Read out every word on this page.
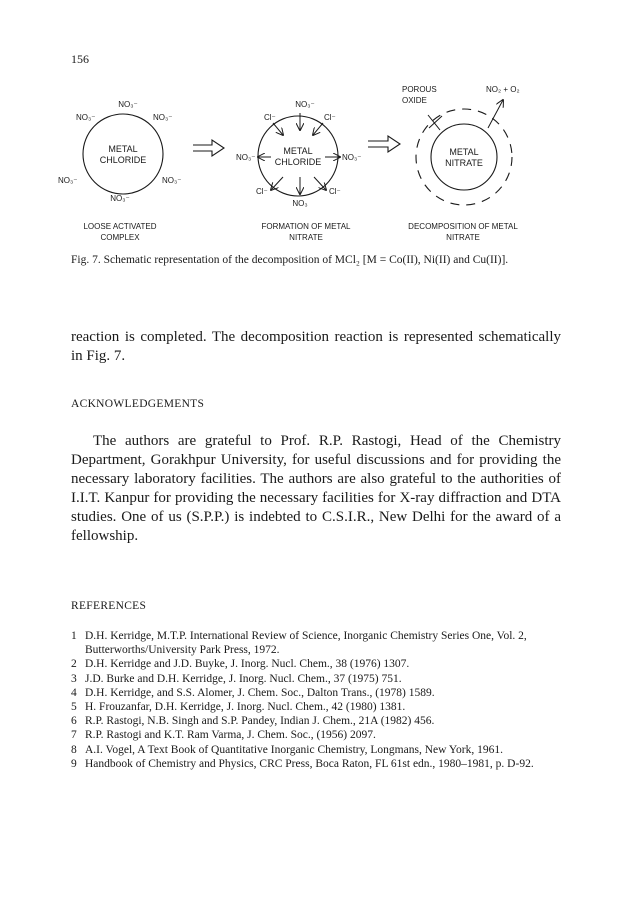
156
METAL
CHLORIDE
NO₃⁻
NO₃⁻	NO₃⁻
NO₃⁻	NO₃⁻
NO₃⁻
LOOSE ACTIVATED
COMPLEX
METAL
CHLORIDE
NO₃⁻
Cl⁻	Cl⁻
NO₃⁻	NO₃⁻
Cl⁻	Cl⁻
NO₃
FORMATION OF METAL
NITRATE
METAL
NITRATE
POROUS
OXIDE
NO₂ + O₂
DECOMPOSITION OF METAL
NITRATE
Fig. 7. Schematic representation of the decomposition of MCl₂ [M = Co(II), Ni(II) and Cu(II)].
reaction is completed. The decomposition reaction is represented schematically in Fig. 7.
ACKNOWLEDGEMENTS
The authors are grateful to Prof. R.P. Rastogi, Head of the Chemistry Department, Gorakhpur University, for useful discussions and for providing the necessary laboratory facilities. The authors are also grateful to the authorities of I.I.T. Kanpur for providing the necessary facilities for X-ray diffraction and DTA studies. One of us (S.P.P.) is indebted to C.S.I.R., New Delhi for the award of a fellowship.
REFERENCES
1 D.H. Kerridge, M.T.P. International Review of Science, Inorganic Chemistry Series One, Vol. 2, Butterworths/University Park Press, 1972.
2 D.H. Kerridge and J.D. Buyke, J. Inorg. Nucl. Chem., 38 (1976) 1307.
3 J.D. Burke and D.H. Kerridge, J. Inorg. Nucl. Chem., 37 (1975) 751.
4 D.H. Kerridge, and S.S. Alomer, J. Chem. Soc., Dalton Trans., (1978) 1589.
5 H. Frouzanfar, D.H. Kerridge, J. Inorg. Nucl. Chem., 42 (1980) 1381.
6 R.P. Rastogi, N.B. Singh and S.P. Pandey, Indian J. Chem., 21A (1982) 456.
7 R.P. Rastogi and K.T. Ram Varma, J. Chem. Soc., (1956) 2097.
8 A.I. Vogel, A Text Book of Quantitative Inorganic Chemistry, Longmans, New York, 1961.
9 Handbook of Chemistry and Physics, CRC Press, Boca Raton, FL 61st edn., 1980–1981, p. D-92.
